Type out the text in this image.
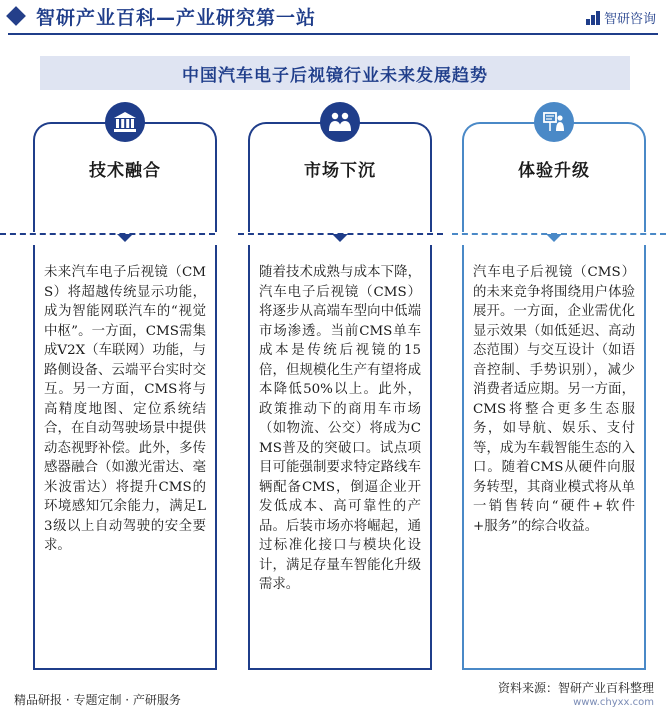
智研产业百科—产业研究第一站	智研咨询
中国汽车电子后视镜行业未来发展趋势
技术融合

未来汽车电子后视镜（CMS）将超越传统显示功能，成为智能网联汽车的“视觉中枢”。一方面，CMS需集成V2X（车联网）功能，与路侧设备、云端平台实时交互。另一方面，CMS将与高精度地图、定位系统结合，在自动驾驶场景中提供动态视野补偿。此外，多传感器融合（如激光雷达、毫米波雷达）将提升CMS的环境感知冗余能力，满足L3级以上自动驾驶的安全要求。

市场下沉

随着技术成熟与成本下降，汽车电子后视镜（CMS）将逐步从高端车型向中低端市场渗透。当前CMS单车成本是传统后视镜的15倍，但规模化生产有望将成本降低50%以上。此外，政策推动下的商用车市场（如物流、公交）将成为CMS普及的突破口。试点项目可能强制要求特定路线车辆配备CMS，倒逼企业开发低成本、高可靠性的产品。后装市场亦将崛起，通过标准化接口与模块化设计，满足存量车智能化升级需求。

体验升级

汽车电子后视镜（CMS）的未来竞争将围绕用户体验展开。一方面，企业需优化显示效果（如低延迟、高动态范围）与交互设计（如语音控制、手势识别），减少消费者适应期。另一方面，CMS将整合更多生态服务，如导航、娱乐、支付等，成为车载智能生态的入口。随着CMS从硬件向服务转型，其商业模式将从单一销售转向“硬件+软件+服务”的综合收益。

精品研报 · 专题定制 · 产研服务
资料来源：智研产业百科整理
www.chyxx.com
